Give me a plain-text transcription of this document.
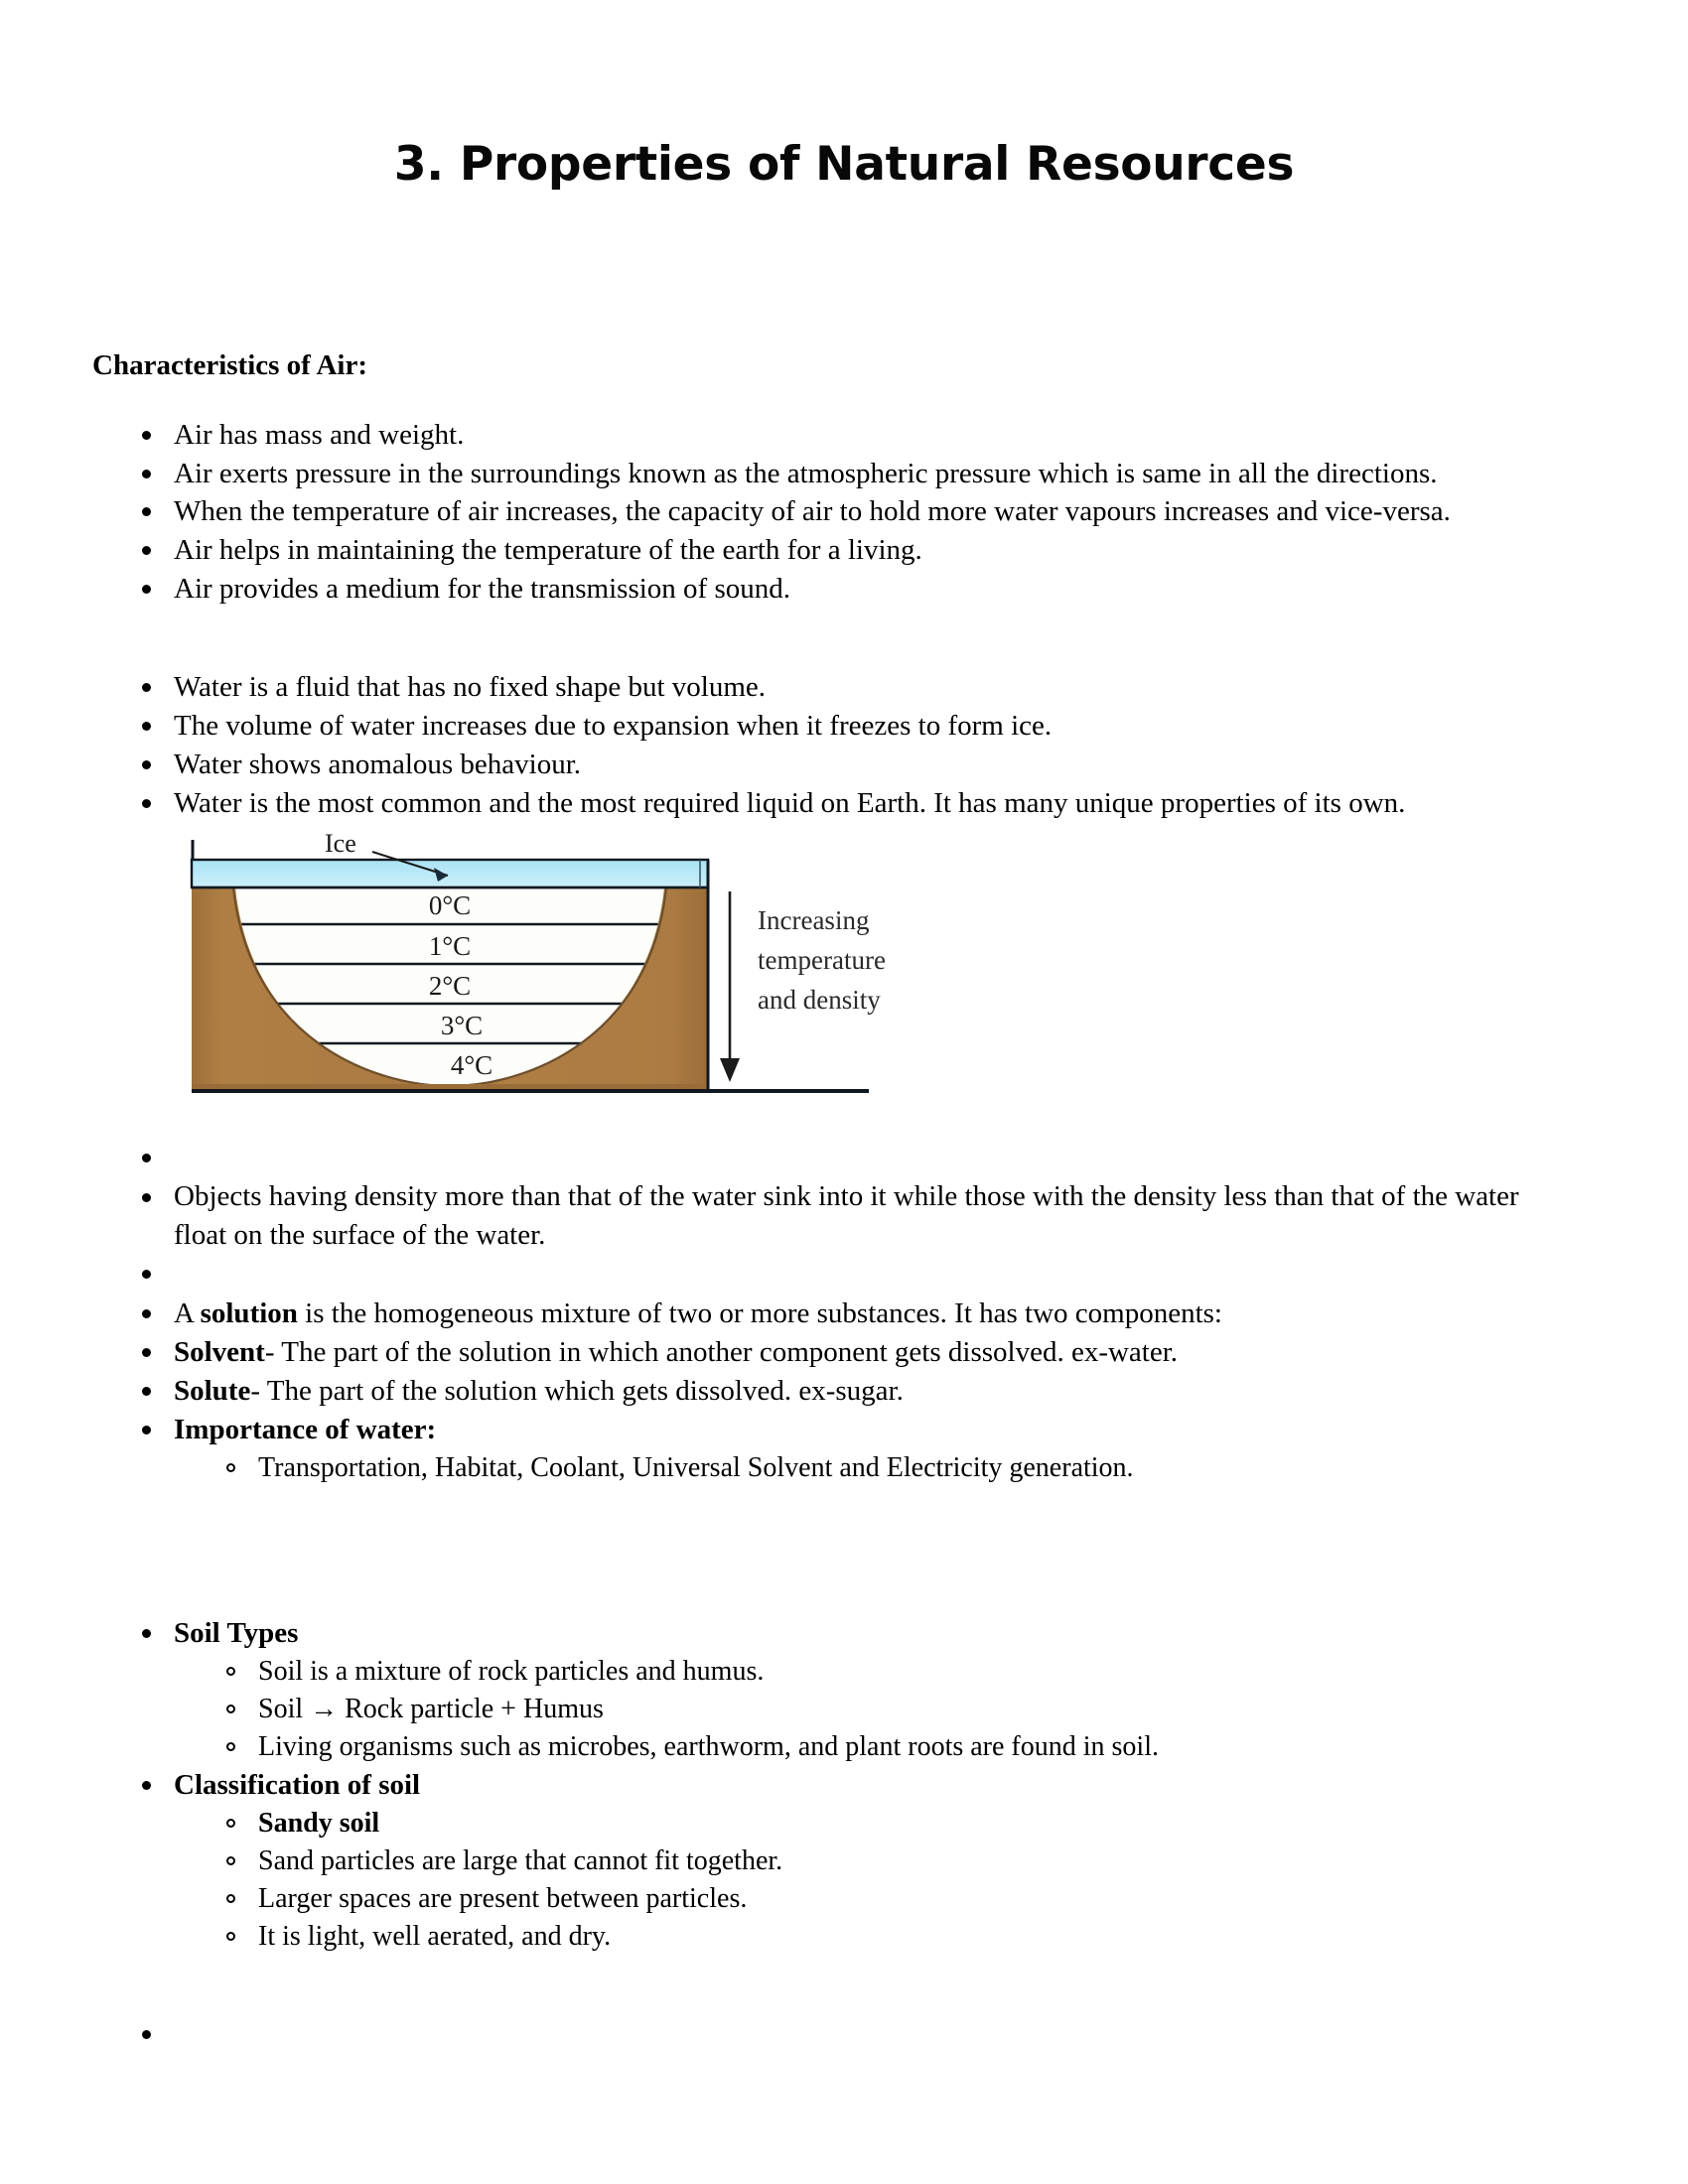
3. Properties of Natural Resources
Characteristics of Air:
Air has mass and weight.
Air exerts pressure in the surroundings known as the atmospheric pressure which is same in all the directions.
When the temperature of air increases, the capacity of air to hold more water vapours increases and vice-versa.
Air helps in maintaining the temperature of the earth for a living.
Air provides a medium for the transmission of sound.
Water is a fluid that has no fixed shape but volume.
The volume of water increases due to expansion when it freezes to form ice.
Water shows anomalous behaviour.
Water is the most common and the most required liquid on Earth. It has many unique properties of its own.
Ice
0°C
1°C
2°C
3°C
4°C
Increasing
temperature
and density
Objects having density more than that of the water sink into it while those with the density less than that of the water float on the surface of the water.
A solution is the homogeneous mixture of two or more substances. It has two components:
Solvent- The part of the solution in which another component gets dissolved. ex-water.
Solute- The part of the solution which gets dissolved. ex-sugar.
Importance of water:
Transportation, Habitat, Coolant, Universal Solvent and Electricity generation.
Soil Types
Soil is a mixture of rock particles and humus.
Soil → Rock particle + Humus
Living organisms such as microbes, earthworm, and plant roots are found in soil.
Classification of soil
Sandy soil
Sand particles are large that cannot fit together.
Larger spaces are present between particles.
It is light, well aerated, and dry.
